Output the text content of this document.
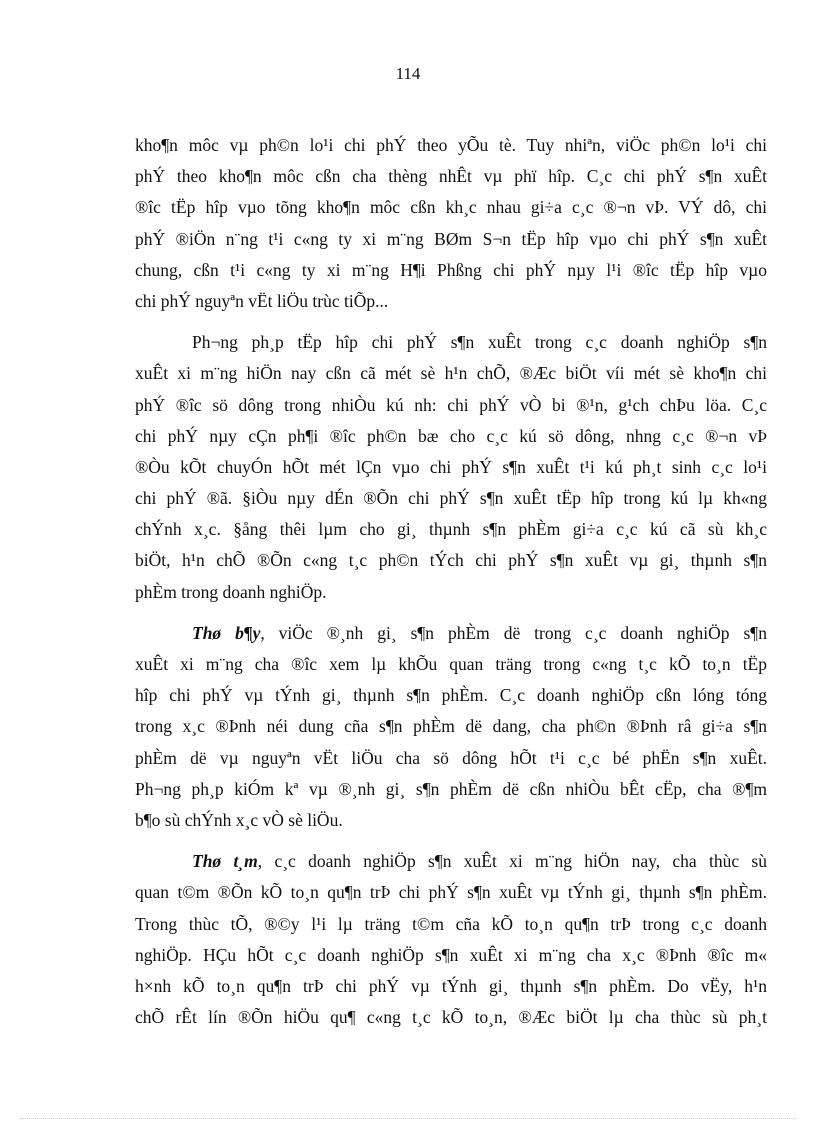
114
kho¶n môc vµ ph©n lo¹i chi phÝ theo yÕu tè. Tuy nhiªn, viÖc ph©n lo¹i chi
phÝ theo kho¶n môc cßn cha thèng nhÊt vµ phï hîp. C¸c chi phÝ s¶n xuÊt
®îc tËp hîp vµo tõng kho¶n môc cßn kh¸c nhau gi÷a c¸c ®¬n vÞ. VÝ dô, chi
phÝ ®iÖn n¨ng t¹i c«ng ty xi m¨ng BØm S¬n tËp hîp vµo chi phÝ s¶n xuÊt
chung, cßn t¹i c«ng ty xi m¨ng H¶i Phßng chi phÝ nµy l¹i ®îc tËp hîp vµo
chi phÝ nguyªn vËt liÖu trùc tiÕp...
Ph¬ng ph¸p tËp hîp chi phÝ s¶n xuÊt trong c¸c doanh nghiÖp s¶n
xuÊt xi m¨ng hiÖn nay cßn cã mét sè h¹n chÕ, ®Æc biÖt víi mét sè kho¶n chi
phÝ ®îc sö dông trong nhiÒu kú nh: chi phÝ vÒ bi ®¹n, g¹ch chÞu löa. C¸c
chi phÝ nµy cÇn ph¶i ®îc ph©n bæ cho c¸c kú sö dông, nhng c¸c ®¬n vÞ
®Òu kÕt chuyÓn hÕt mét lÇn vµo chi phÝ s¶n xuÊt t¹i kú ph¸t sinh c¸c lo¹i
chi phÝ ®ã. §iÒu nµy dÉn ®Õn chi phÝ s¶n xuÊt tËp hîp trong kú lµ kh«ng
chÝnh x¸c. §ång thêi lµm cho gi¸ thµnh s¶n phÈm gi÷a c¸c kú cã sù kh¸c
biÖt, h¹n chÕ ®Õn c«ng t¸c ph©n tÝch chi phÝ s¶n xuÊt vµ gi¸ thµnh s¶n
phÈm trong doanh nghiÖp.
Thø b¶y, viÖc ®¸nh gi¸ s¶n phÈm dë trong c¸c doanh nghiÖp s¶n
xuÊt xi m¨ng cha ®îc xem lµ khÕu quan träng trong c«ng t¸c kÕ to¸n tËp
hîp chi phÝ vµ tÝnh gi¸ thµnh s¶n phÈm. C¸c doanh nghiÖp cßn lóng tóng
trong x¸c ®Þnh néi dung cña s¶n phÈm dë dang, cha ph©n ®Þnh râ gi÷a s¶n
phÈm dë vµ nguyªn vËt liÖu cha sö dông hÕt t¹i c¸c bé phËn s¶n xuÊt.
Ph¬ng ph¸p kiÓm kª vµ ®¸nh gi¸ s¶n phÈm dë cßn nhiÒu bÊt cËp, cha ®¶m
b¶o sù chÝnh x¸c vÒ sè liÖu.
Thø t¸m, c¸c doanh nghiÖp s¶n xuÊt xi m¨ng hiÖn nay, cha thùc sù
quan t©m ®Õn kÕ to¸n qu¶n trÞ chi phÝ s¶n xuÊt vµ tÝnh gi¸ thµnh s¶n phÈm.
Trong thùc tÕ, ®©y l¹i lµ träng t©m cña kÕ to¸n qu¶n trÞ trong c¸c doanh
nghiÖp. HÇu hÕt c¸c doanh nghiÖp s¶n xuÊt xi m¨ng cha x¸c ®Þnh ®îc m«
h×nh kÕ to¸n qu¶n trÞ chi phÝ vµ tÝnh gi¸ thµnh s¶n phÈm. Do vËy, h¹n
chÕ rÊt lín ®Õn hiÖu qu¶ c«ng t¸c kÕ to¸n, ®Æc biÖt lµ cha thùc sù ph¸t
